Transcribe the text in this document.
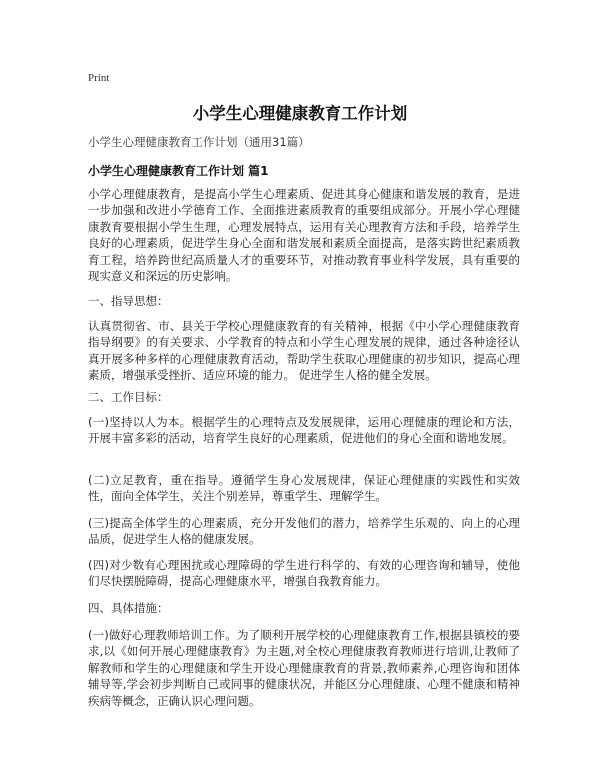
Print
小学生心理健康教育工作计划
小学生心理健康教育工作计划（通用31篇）
小学生心理健康教育工作计划 篇1

小学心理健康教育，是提高小学生心理素质、促进其身心健康和谐发展的教育，是进一步加强和改进小学德育工作、全面推进素质教育的重要组成部分。开展小学心理健康教育要根据小学生生理，心理发展特点，运用有关心理教育方法和手段，培养学生良好的心理素质，促进学生身心全面和谐发展和素质全面提高，是落实跨世纪素质教育工程，培养跨世纪高质量人才的重要环节，对推动教育事业科学发展，具有重要的现实意义和深远的历史影响。

一、指导思想：

认真贯彻省、市、县关于学校心理健康教育的有关精神，根据《中小学心理健康教育指导纲要》的有关要求、小学教育的特点和小学生心理发展的规律，通过各种途径认真开展多种多样的心理健康教育活动，帮助学生获取心理健康的初步知识，提高心理素质，增强承受挫折、适应环境的能力。 促进学生人格的健全发展。

二、工作目标：

(一)坚持以人为本。根据学生的心理特点及发展规律，运用心理健康的理论和方法，开展丰富多彩的活动，培育学生良好的心理素质，促进他们的身心全面和谐地发展。

(二)立足教育，重在指导。遵循学生身心发展规律，保证心理健康的实践性和实效性，面向全体学生，关注个别差异，尊重学生、理解学生。

(三)提高全体学生的心理素质，充分开发他们的潜力，培养学生乐观的、向上的心理品质，促进学生人格的健康发展。

(四)对少数有心理困扰或心理障碍的学生进行科学的、有效的心理咨询和辅导，使他们尽快摆脱障碍，提高心理健康水平，增强自我教育能力。

四、具体措施：

(一)做好心理教师培训工作。为了顺利开展学校的心理健康教育工作,根据县镇校的要求,以《如何开展心理健康教育》为主题,对全校心理健康教育教师进行培训,让教师了解教师和学生的心理健康和学生开设心理健康教育的背景,教师素养,心理咨询和团体辅导等,学会初步判断自己或同事的健康状况，并能区分心理健康、心理不健康和精神疾病等概念，正确认识心理问题。
